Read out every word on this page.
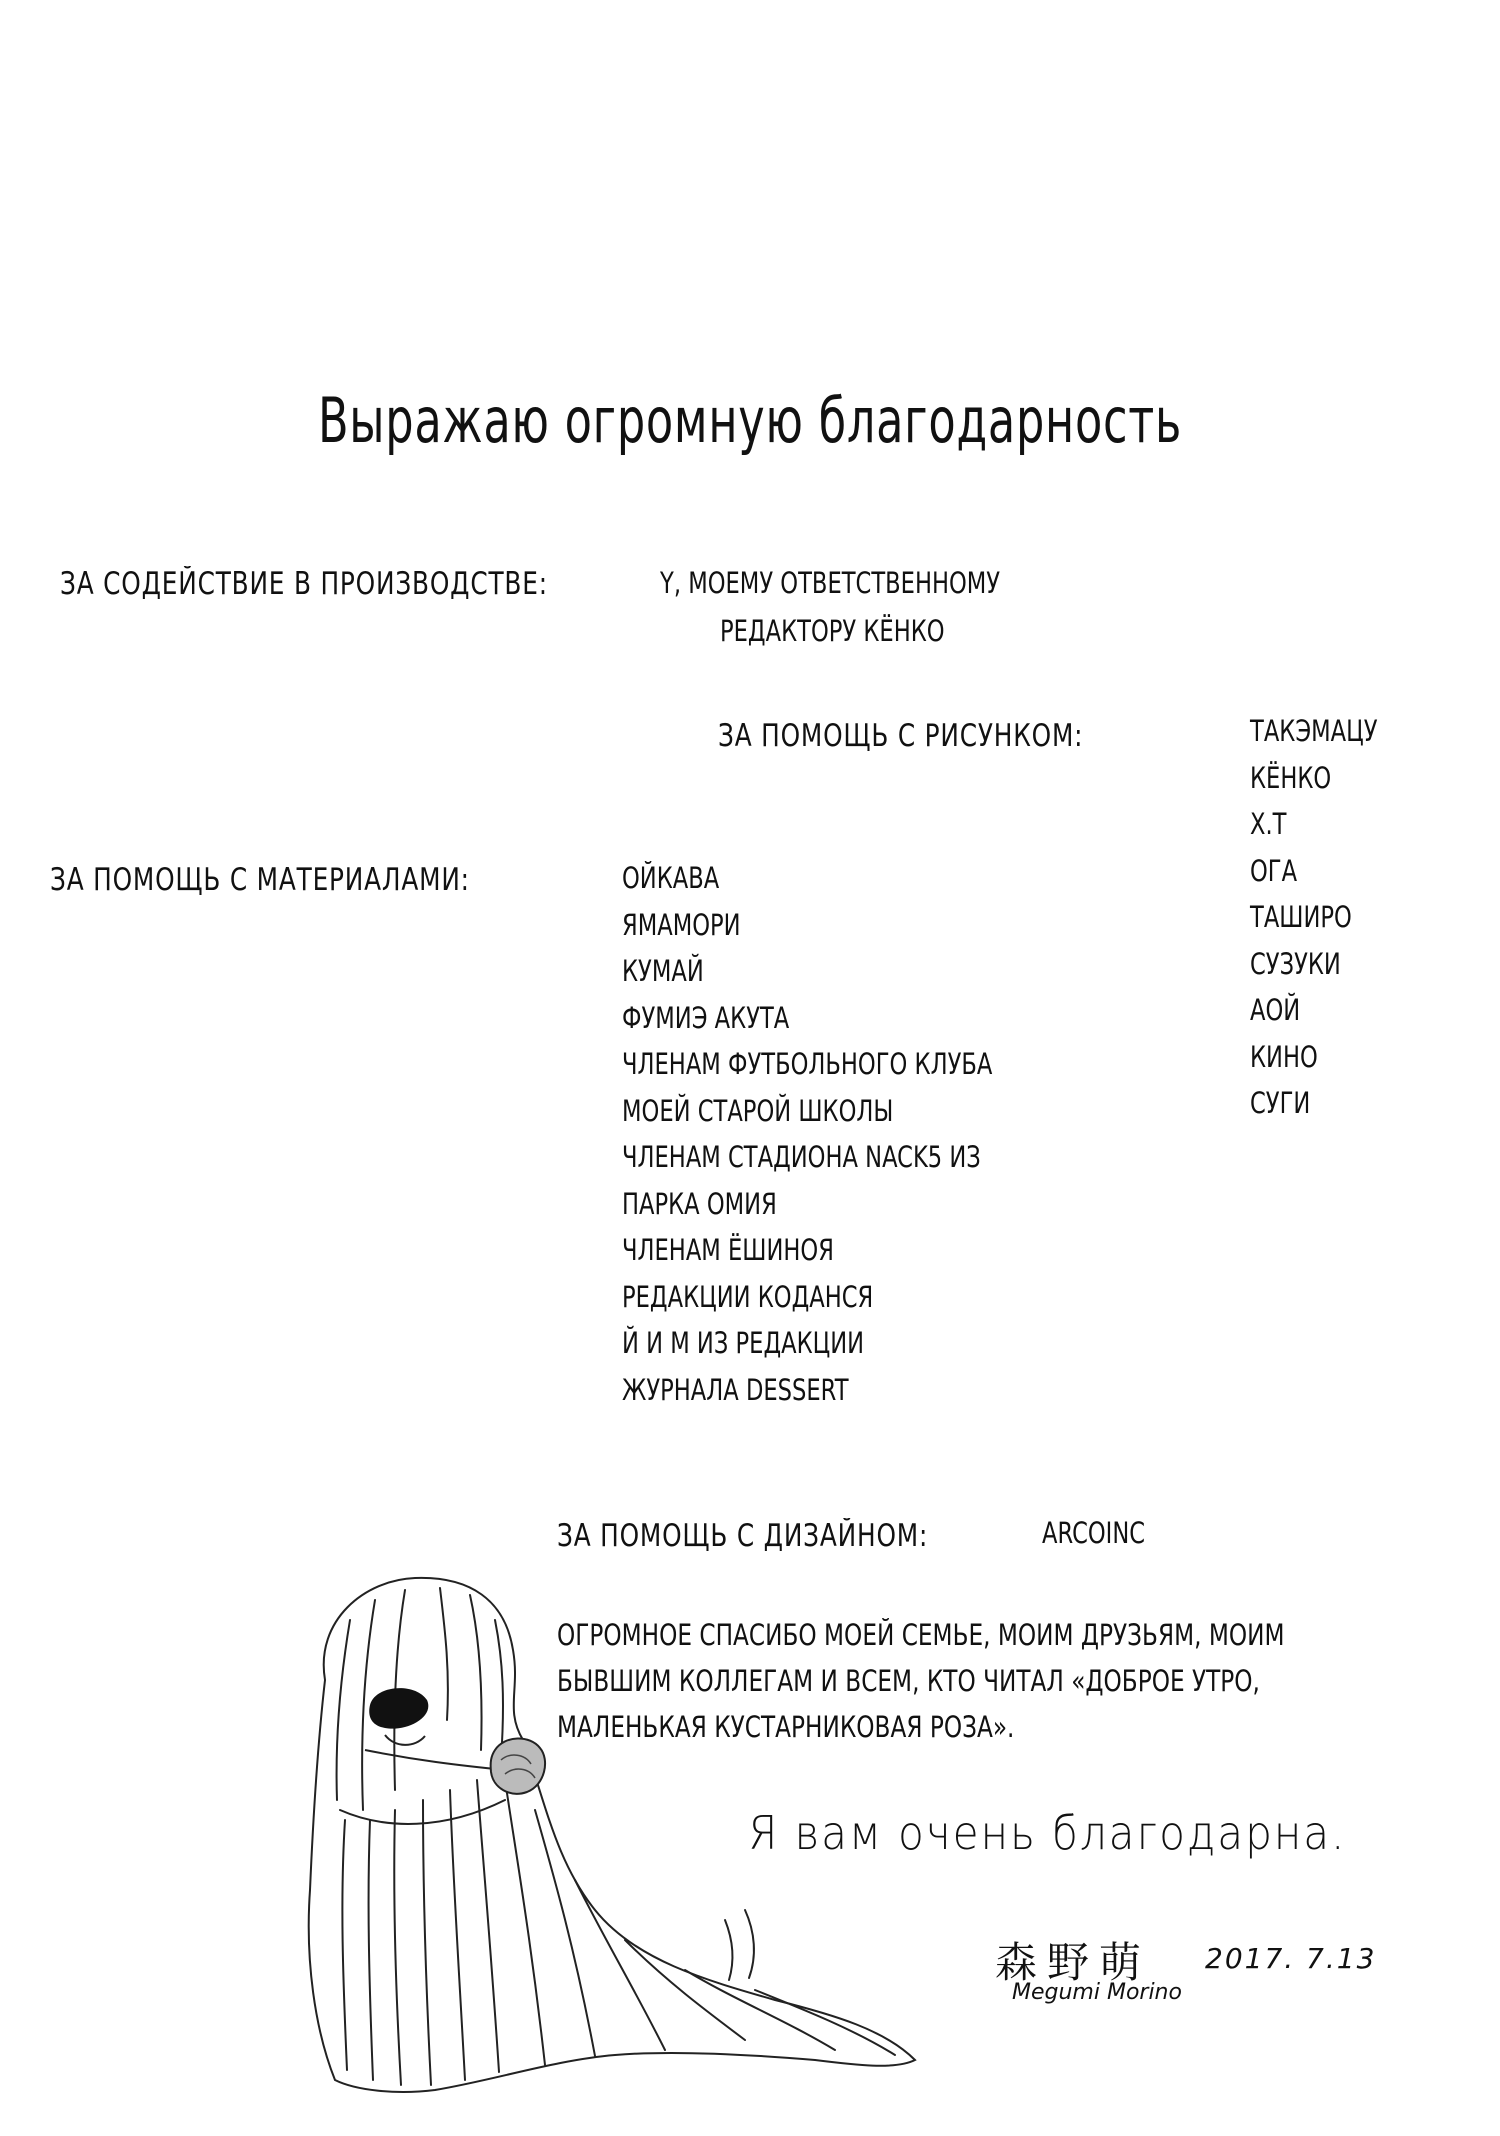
Выражаю огромную благодарность
ЗА СОДЕЙСТВИЕ В ПРОИЗВОДСТВЕ:	Y, МОЕМУ ОТВЕТСТВЕННОМУ
РЕДАКТОРУ КЁНКО
ЗА ПОМОЩЬ С РИСУНКОМ:	ТАКЭМАЦУ
КЁНКО
Х.Т
ОГА
ТАШИРО
СУЗУКИ
АОЙ
КИНО
СУГИ
ЗА ПОМОЩЬ С МАТЕРИАЛАМИ:	ОЙКАВА
ЯМАМОРИ
КУМАЙ
ФУМИЭ АКУТА
ЧЛЕНАМ ФУТБОЛЬНОГО КЛУБА
МОЕЙ СТАРОЙ ШКОЛЫ
ЧЛЕНАМ СТАДИОНА NACK5 ИЗ
ПАРКА ОМИЯ
ЧЛЕНАМ ЁШИНОЯ
РЕДАКЦИИ КОДАНСЯ
Й И М ИЗ РЕДАКЦИИ
ЖУРНАЛА DESSERT
ЗА ПОМОЩЬ С ДИЗАЙНОМ:	ARCOINC
ОГРОМНОЕ СПАСИБО МОЕЙ СЕМЬЕ, МОИМ ДРУЗЬЯМ, МОИМ
БЫВШИМ КОЛЛЕГАМ И ВСЕМ, КТО ЧИТАЛ «ДОБРОЕ УТРО,
МАЛЕНЬКАЯ КУСТАРНИКОВАЯ РОЗА».
Я вам очень благодарна.
森野萌 2017. 7.13
Megumi Morino
